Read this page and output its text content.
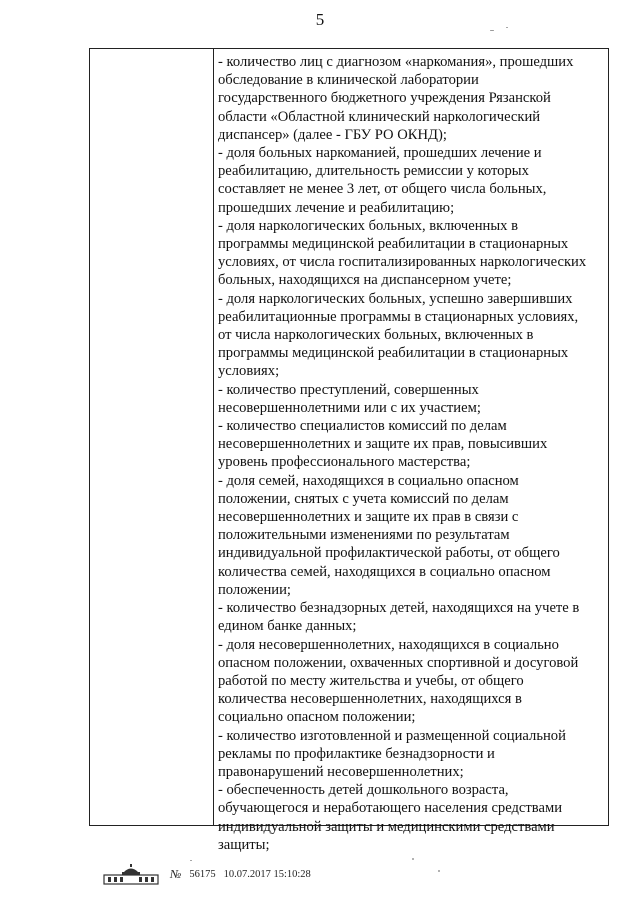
5

- количество лиц с диагнозом «наркомания», прошедших
обследование в клинической лаборатории
государственного бюджетного учреждения Рязанской
области «Областной клинический наркологический
диспансер» (далее - ГБУ РО ОКНД);

- доля больных наркоманией, прошедших лечение и
реабилитацию, длительность ремиссии у которых
составляет не менее 3 лет, от общего числа больных,
прошедших лечение и реабилитацию;

- доля наркологических больных, включенных в
программы медицинской реабилитации в стационарных
условиях, от числа госпитализированных наркологических
больных, находящихся на диспансерном учете;

- доля наркологических больных, успешно завершивших
реабилитационные программы в стационарных условиях,
от числа наркологических больных, включенных в
программы медицинской реабилитации в стационарных
условиях;

- количество преступлений, совершенных
несовершеннолетними или с их участием;

- количество специалистов комиссий по делам
несовершеннолетних и защите их прав, повысивших
уровень профессионального мастерства;

- доля семей, находящихся в социально опасном
положении, снятых с учета комиссий по делам
несовершеннолетних и защите их прав в связи с
положительными изменениями по результатам
индивидуальной профилактической работы, от общего
количества семей, находящихся в социально опасном
положении;

- количество безнадзорных детей, находящихся на учете в
едином банке данных;

- доля несовершеннолетних, находящихся в социально
опасном положении, охваченных спортивной и досуговой
работой по месту жительства и учебы, от общего
количества несовершеннолетних, находящихся в
социально опасном положении;

- количество изготовленной и размещенной социальной
рекламы по профилактике безнадзорности и
правонарушений несовершеннолетних;

- обеспеченность детей дошкольного возраста,
обучающегося и неработающего населения средствами
индивидуальной защиты и медицинскими средствами
защиты;

№ 56175 10.07.2017 15:10:28
